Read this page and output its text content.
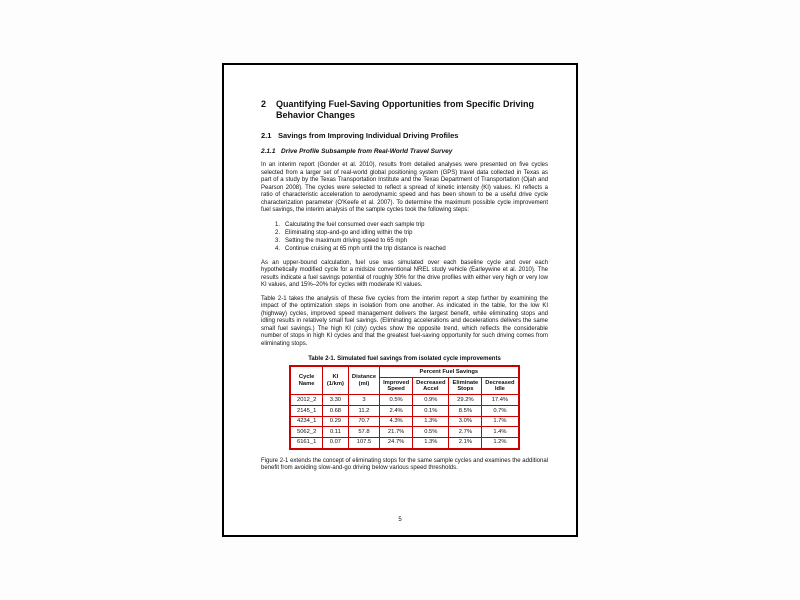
2	Quantifying Fuel-Saving Opportunities from Specific Driving Behavior Changes
2.1 Savings from Improving Individual Driving Profiles
2.1.1 Drive Profile Subsample from Real-World Travel Survey

In an interim report (Gonder et al. 2010), results from detailed analyses were presented on five cycles selected from a larger set of real-world global positioning system (GPS) travel data collected in Texas as part of a study by the Texas Transportation Institute and the Texas Department of Transportation (Ojah and Pearson 2008). The cycles were selected to reflect a spread of kinetic intensity (KI) values. KI reflects a ratio of characteristic acceleration to aerodynamic speed and has been shown to be a useful drive cycle characterization parameter (O'Keefe et al. 2007). To determine the maximum possible cycle improvement fuel savings, the interim analysis of the sample cycles took the following steps:

1. Calculating the fuel consumed over each sample trip
2. Eliminating stop-and-go and idling within the trip
3. Setting the maximum driving speed to 65 mph
4. Continue cruising at 65 mph until the trip distance is reached

As an upper-bound calculation, fuel use was simulated over each baseline cycle and over each hypothetically modified cycle for a midsize conventional NREL study vehicle (Earleywine et al. 2010). The results indicate a fuel savings potential of roughly 30% for the drive profiles with either very high or very low KI values, and 15%–20% for cycles with moderate KI values.

Table 2-1 takes the analysis of these five cycles from the interim report a step further by examining the impact of the optimization steps in isolation from one another. As indicated in the table, for the low KI (highway) cycles, improved speed management delivers the largest benefit, while eliminating stops and idling results in relatively small fuel savings. (Eliminating accelerations and decelerations delivers the same small fuel savings.) The high KI (city) cycles show the opposite trend, which reflects the considerable number of stops in high KI cycles and that the greatest fuel-saving opportunity for such driving comes from eliminating stops.

Table 2-1. Simulated fuel savings from isolated cycle improvements
Cycle Name	KI (1/km)	Distance (mi)	Percent Fuel Savings			
			Improved Speed	Decreased Accel	Eliminate Stops	Decreased Idle
2012_2	3.30	3	0.5%	0.9%	29.2%	17.4%
2145_1	0.68	11.2	2.4%	0.1%	8.5%	0.7%
4234_1	0.29	70.7	4.3%	1.3%	3.0%	1.7%
5062_2	0.11	57.8	21.7%	0.5%	2.7%	1.4%
6161_1	0.07	107.5	24.7%	1.3%	2.1%	1.2%

Figure 2-1 extends the concept of eliminating stops for the same sample cycles and examines the additional benefit from avoiding slow-and-go driving below various speed thresholds.

5
